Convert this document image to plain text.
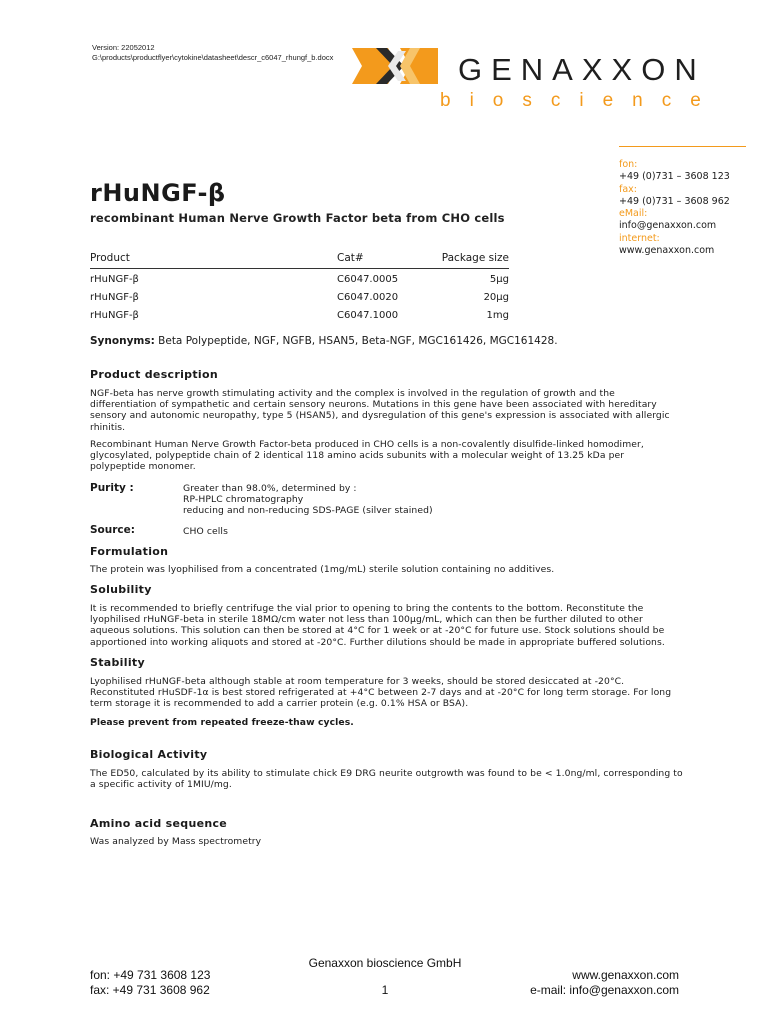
Version: 22052012
G:\products\productflyer\cytokine\datasheet\descr_c6047_rhungf_b.docx	GENAXXON
bioscience
fon:
+49 (0)731 – 3608 123
fax:
+49 (0)731 – 3608 962
eMail:
info@genaxxon.com
internet:
www.genaxxon.com
rHuNGF-β
recombinant Human Nerve Growth Factor beta from CHO cells
Product	Cat#	Package size
rHuNGF-β	C6047.0005	5µg
rHuNGF-β	C6047.0020	20µg
rHuNGF-β	C6047.1000	1mg
Synonyms: Beta Polypeptide, NGF, NGFB, HSAN5, Beta-NGF, MGC161426, MGC161428.
Product description
NGF-beta has nerve growth stimulating activity and the complex is involved in the regulation of growth and the differentiation of sympathetic and certain sensory neurons. Mutations in this gene have been associated with hereditary sensory and autonomic neuropathy, type 5 (HSAN5), and dysregulation of this gene's expression is associated with allergic rhinitis.
Recombinant Human Nerve Growth Factor-beta produced in CHO cells is a non-covalently disulfide-linked homodimer, glycosylated, polypeptide chain of 2 identical 118 amino acids subunits with a molecular weight of 13.25 kDa per polypeptide monomer.
Purity :	Greater than 98.0%, determined by :
RP-HPLC chromatography
reducing and non-reducing SDS-PAGE (silver stained)
Source:	CHO cells
Formulation
The protein was lyophilised from a concentrated (1mg/mL) sterile solution containing no additives.
Solubility
It is recommended to briefly centrifuge the vial prior to opening to bring the contents to the bottom. Reconstitute the lyophilised rHuNGF-beta in sterile 18MΩ/cm water not less than 100µg/mL, which can then be further diluted to other aqueous solutions. This solution can then be stored at 4°C for 1 week or at -20°C for future use. Stock solutions should be apportioned into working aliquots and stored at -20°C. Further dilutions should be made in appropriate buffered solutions.
Stability
Lyophilised rHuNGF-beta although stable at room temperature for 3 weeks, should be stored desiccated at -20°C. Reconstituted rHuSDF-1α is best stored refrigerated at +4°C between 2-7 days and at -20°C for long term storage. For long term storage it is recommended to add a carrier protein (e.g. 0.1% HSA or BSA).
Please prevent from repeated freeze-thaw cycles.
Biological Activity
The ED50, calculated by its ability to stimulate chick E9 DRG neurite outgrowth was found to be < 1.0ng/ml, corresponding to a specific activity of 1MIU/mg.
Amino acid sequence
Was analyzed by Mass spectrometry
Genaxxon bioscience GmbH
fon: +49 731 3608 123
fax: +49 731 3608 962	1
www.genaxxon.com
e-mail: info@genaxxon.com
